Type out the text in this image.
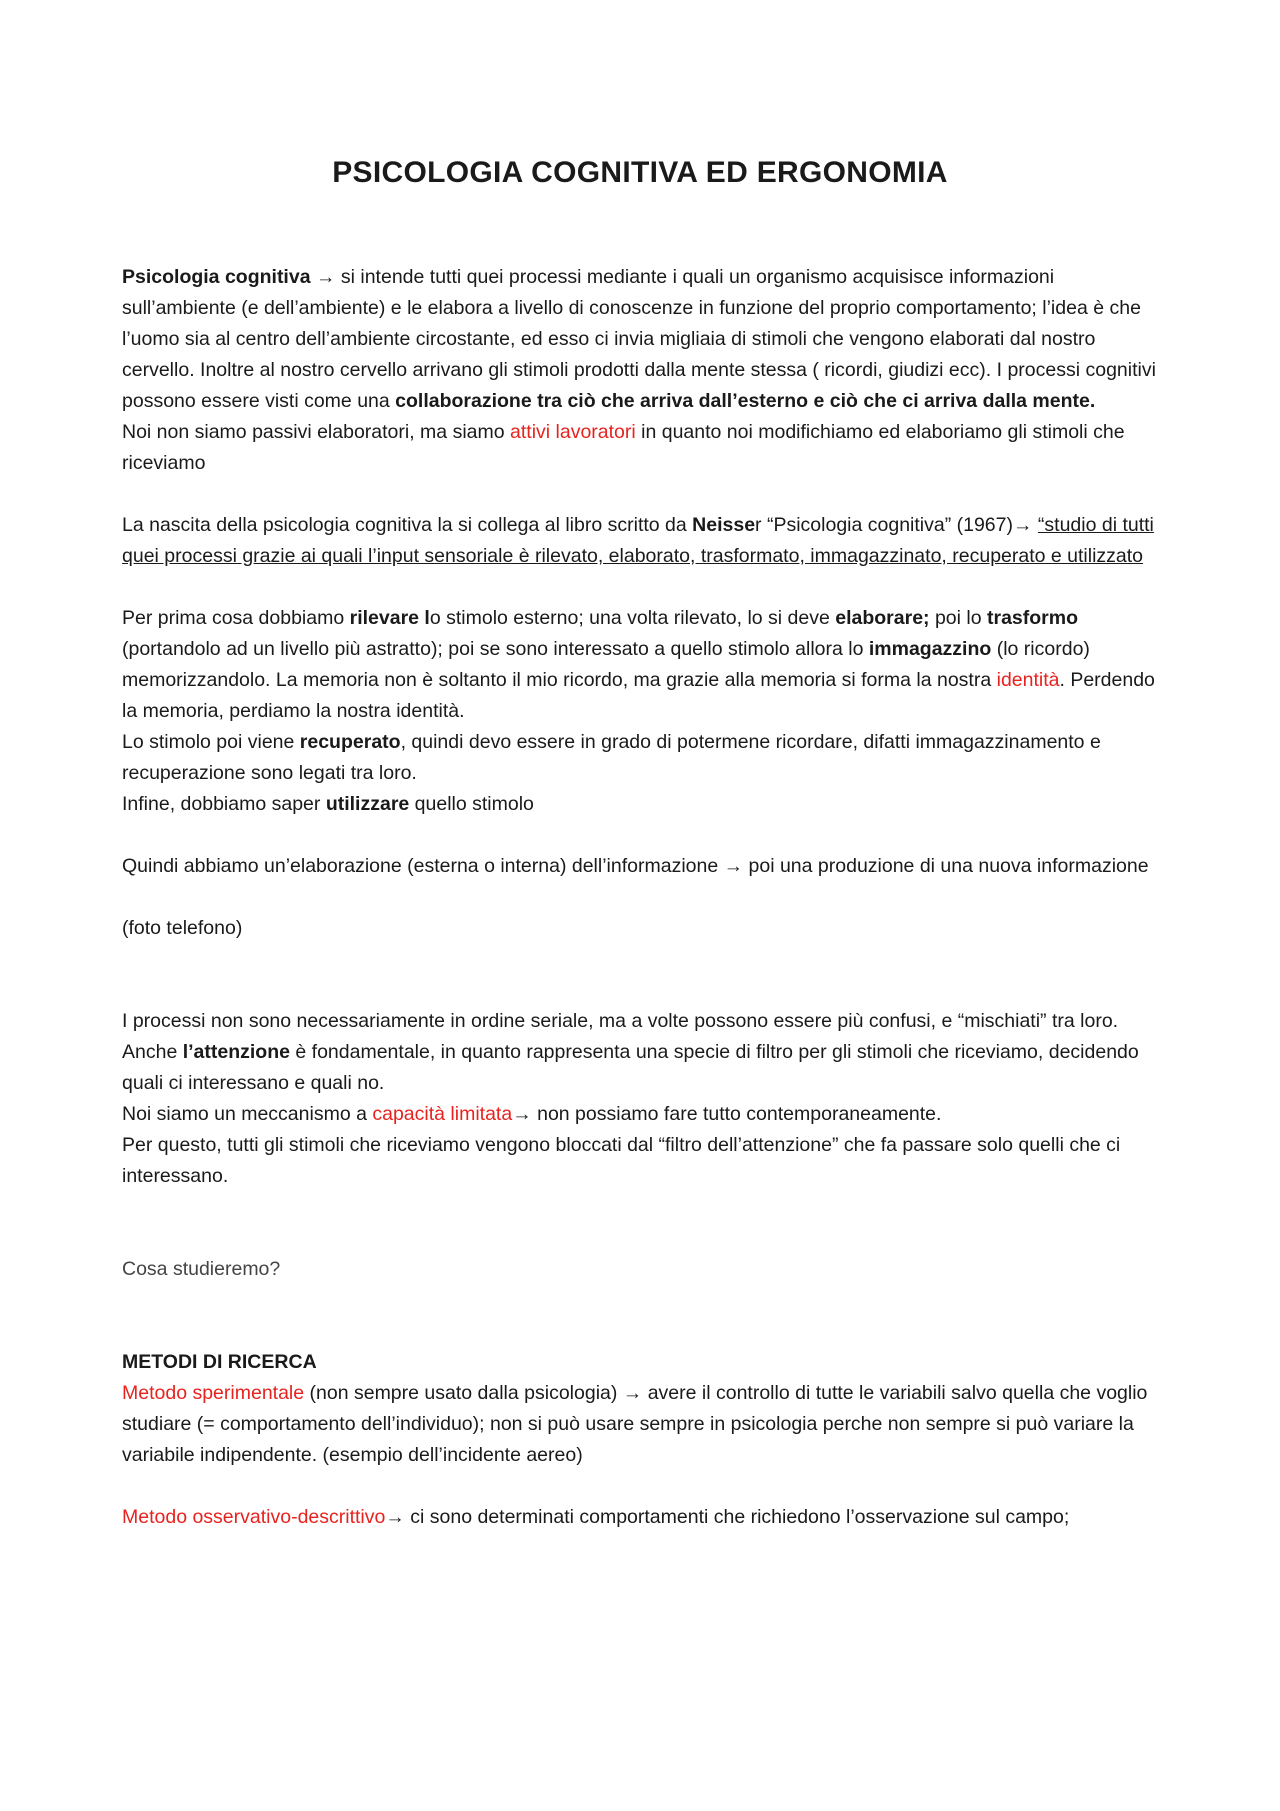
PSICOLOGIA COGNITIVA ED ERGONOMIA

Psicologia cognitiva → si intende tutti quei processi mediante i quali un organismo acquisisce informazioni sull’ambiente (e dell’ambiente) e le elabora a livello di conoscenze in funzione del proprio comportamento; l’idea è che l’uomo sia al centro dell’ambiente circostante, ed esso ci invia migliaia di stimoli che vengono elaborati dal nostro cervello. Inoltre al nostro cervello arrivano gli stimoli prodotti dalla mente stessa ( ricordi, giudizi ecc). I processi cognitivi possono essere visti come una collaborazione tra ciò che arriva dall’esterno e ciò che ci arriva dalla mente.

Noi non siamo passivi elaboratori, ma siamo attivi lavoratori in quanto noi modifichiamo ed elaboriamo gli stimoli che riceviamo

La nascita della psicologia cognitiva la si collega al libro scritto da Neisser “Psicologia cognitiva” (1967)→ “studio di tutti quei processi grazie ai quali l’input sensoriale è rilevato, elaborato, trasformato, immagazzinato, recuperato e utilizzato

Per prima cosa dobbiamo rilevare lo stimolo esterno; una volta rilevato, lo si deve elaborare; poi lo trasformo (portandolo ad un livello più astratto); poi se sono interessato a quello stimolo allora lo immagazzino (lo ricordo) memorizzandolo. La memoria non è soltanto il mio ricordo, ma grazie alla memoria si forma la nostra identità. Perdendo la memoria, perdiamo la nostra identità.

Lo stimolo poi viene recuperato, quindi devo essere in grado di potermene ricordare, difatti immagazzinamento e recuperazione sono legati tra loro.

Infine, dobbiamo saper utilizzare quello stimolo

Quindi abbiamo un’elaborazione (esterna o interna) dell’informazione → poi una produzione di una nuova informazione

(foto telefono)

I processi non sono necessariamente in ordine seriale, ma a volte possono essere più confusi, e “mischiati” tra loro. Anche l’attenzione è fondamentale, in quanto rappresenta una specie di filtro per gli stimoli che riceviamo, decidendo quali ci interessano e quali no.

Noi siamo un meccanismo a capacità limitata→ non possiamo fare tutto contemporaneamente.

Per questo, tutti gli stimoli che riceviamo vengono bloccati dal “filtro dell’attenzione” che fa passare solo quelli che ci interessano.

Cosa studieremo?

METODI DI RICERCA

Metodo sperimentale (non sempre usato dalla psicologia) → avere il controllo di tutte le variabili salvo quella che voglio studiare (= comportamento dell’individuo); non si può usare sempre in psicologia perche non sempre si può variare la variabile indipendente. (esempio dell’incidente aereo)

Metodo osservativo-descrittivo→ ci sono determinati comportamenti che richiedono l’osservazione sul campo;
